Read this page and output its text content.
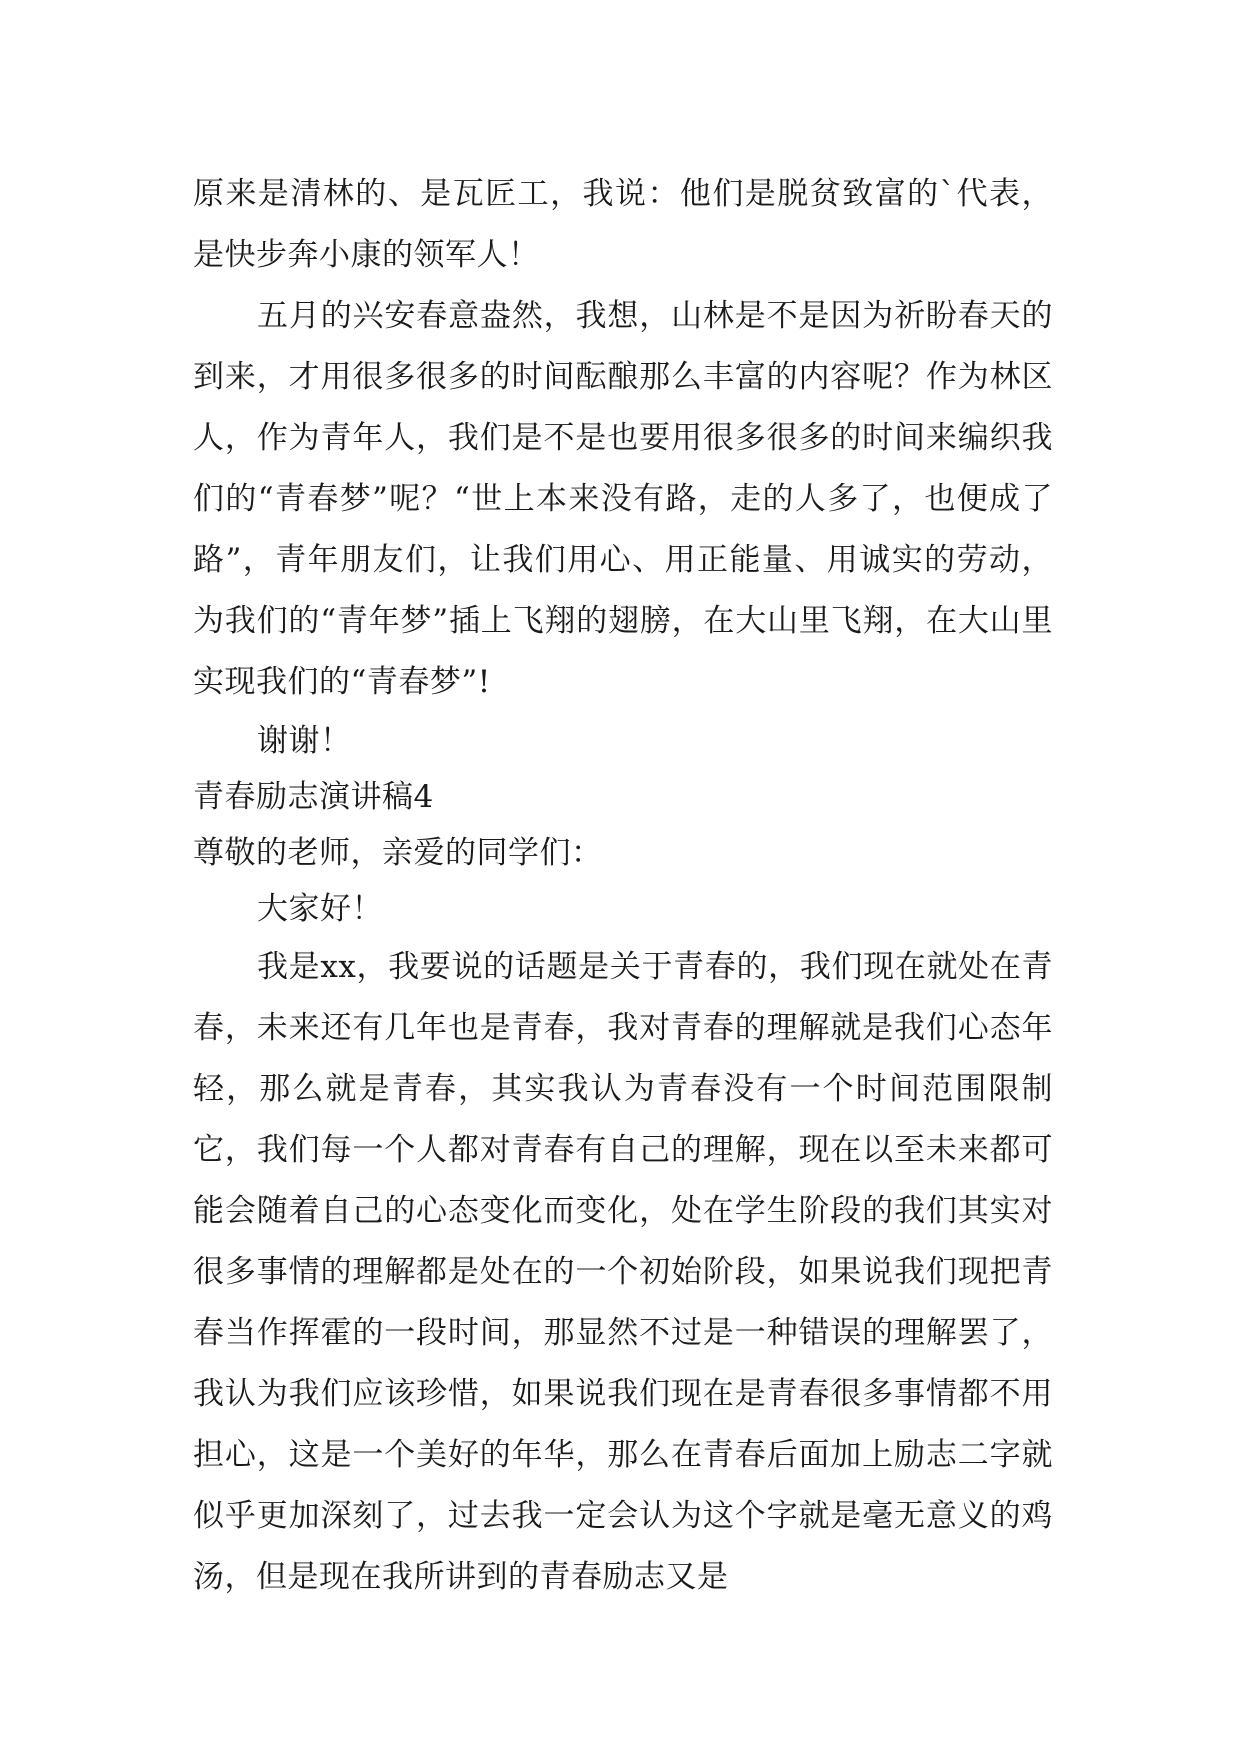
原来是清林的、是瓦匠工，我说：他们是脱贫致富的`代表，是快步奔小康的领军人！

五月的兴安春意盎然，我想，山林是不是因为祈盼春天的到来，才用很多很多的时间酝酿那么丰富的内容呢？作为林区人，作为青年人，我们是不是也要用很多很多的时间来编织我们的“青春梦”呢？“世上本来没有路，走的人多了，也便成了路”，青年朋友们，让我们用心、用正能量、用诚实的劳动，为我们的“青年梦”插上飞翔的翅膀，在大山里飞翔，在大山里实现我们的“青春梦”!

谢谢！

青春励志演讲稿4

尊敬的老师，亲爱的同学们：

大家好！

我是xx，我要说的话题是关于青春的，我们现在就处在青春，未来还有几年也是青春，我对青春的理解就是我们心态年轻，那么就是青春，其实我认为青春没有一个时间范围限制它，我们每一个人都对青春有自己的理解，现在以至未来都可能会随着自己的心态变化而变化，处在学生阶段的我们其实对很多事情的理解都是处在的一个初始阶段，如果说我们现把青春当作挥霍的一段时间，那显然不过是一种错误的理解罢了，我认为我们应该珍惜，如果说我们现在是青春很多事情都不用担心，这是一个美好的年华，那么在青春后面加上励志二字就似乎更加深刻了，过去我一定会认为这个字就是毫无意义的鸡汤，但是现在我所讲到的青春励志又是
